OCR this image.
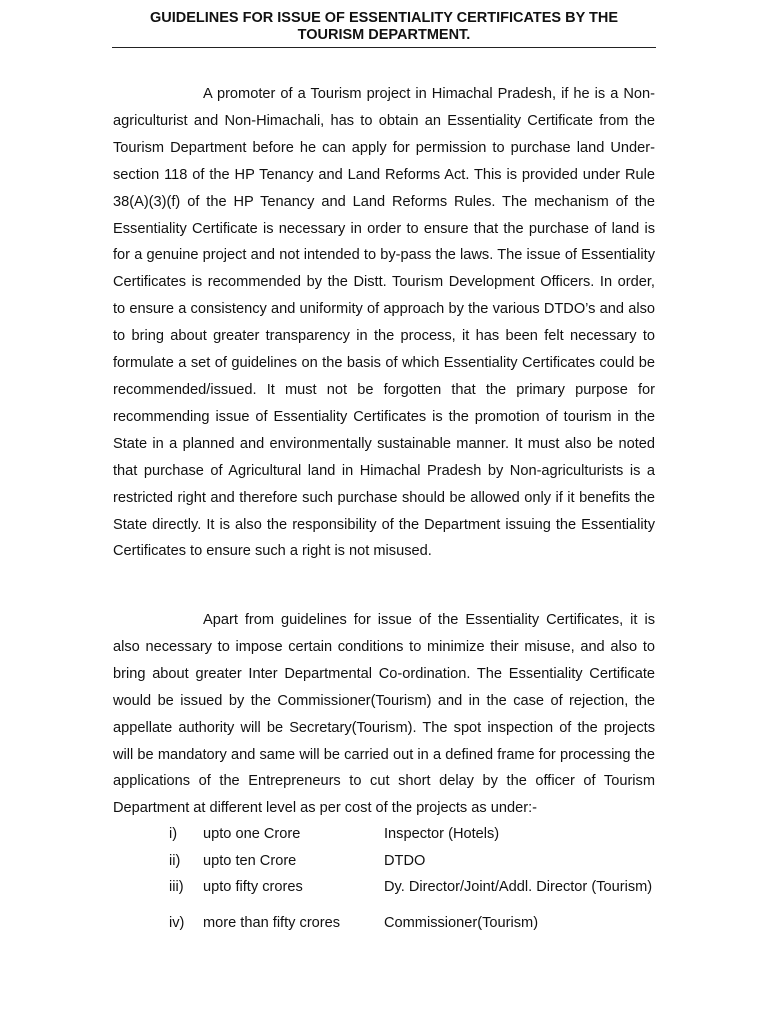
GUIDELINES FOR ISSUE OF ESSENTIALITY CERTIFICATES BY THE
TOURISM DEPARTMENT.

A promoter of a Tourism project in Himachal Pradesh, if he is a Non-agriculturist and Non-Himachali, has to obtain an Essentiality Certificate from the Tourism Department before he can apply for permission to purchase land Under-section 118 of the HP Tenancy and Land Reforms Act. This is provided under Rule 38(A)(3)(f) of the HP Tenancy and Land Reforms Rules. The mechanism of the Essentiality Certificate is necessary in order to ensure that the purchase of land is for a genuine project and not intended to by-pass the laws. The issue of Essentiality Certificates is recommended by the Distt. Tourism Development Officers. In order, to ensure a consistency and uniformity of approach by the various DTDO’s and also to bring about greater transparency in the process, it has been felt necessary to formulate a set of guidelines on the basis of which Essentiality Certificates could be recommended/issued. It must not be forgotten that the primary purpose for recommending issue of Essentiality Certificates is the promotion of tourism in the State in a planned and environmentally sustainable manner. It must also be noted that purchase of Agricultural land in Himachal Pradesh by Non-agriculturists is a restricted right and therefore such purchase should be allowed only if it benefits the State directly. It is also the responsibility of the Department issuing the Essentiality Certificates to ensure such a right is not misused.

Apart from guidelines for issue of the Essentiality Certificates, it is also necessary to impose certain conditions to minimize their misuse, and also to bring about greater Inter Departmental Co-ordination. The Essentiality Certificate would be issued by the Commissioner(Tourism) and in the case of rejection, the appellate authority will be Secretary(Tourism). The spot inspection of the projects will be mandatory and same will be carried out in a defined frame for processing the applications of the Entrepreneurs to cut short delay by the officer of Tourism Department at different level as per cost of the projects as under:-

i) upto one Crore	Inspector (Hotels)
ii) upto ten Crore	DTDO
iii) upto fifty crores	Dy. Director/Joint/Addl. Director (Tourism)
iv) more than fifty crores	Commissioner(Tourism)
